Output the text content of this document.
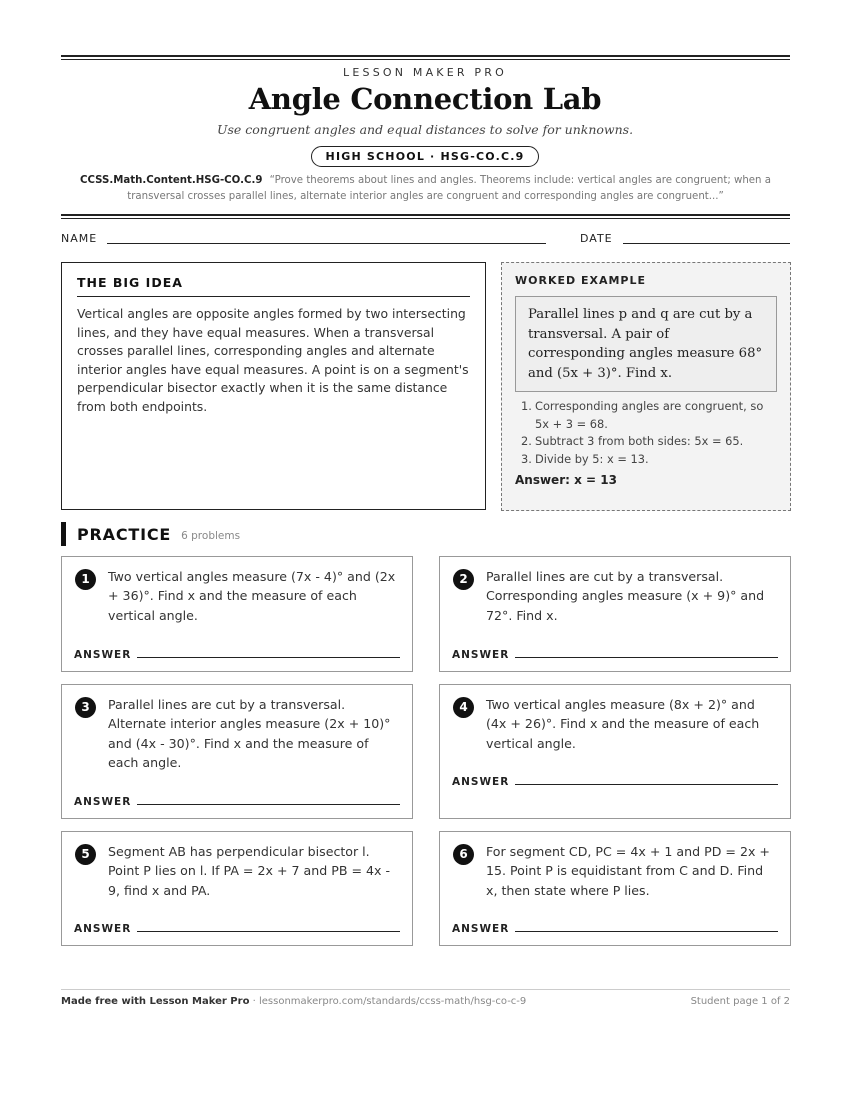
LESSON MAKER PRO
Angle Connection Lab
Use congruent angles and equal distances to solve for unknowns.
HIGH SCHOOL · HSG-CO.C.9
CCSS.Math.Content.HSG-CO.C.9 “Prove theorems about lines and angles. Theorems include: vertical angles are congruent; when a transversal crosses parallel lines, alternate interior angles are congruent and corresponding angles are congruent...”
NAME	DATE
THE BIG IDEA

Vertical angles are opposite angles formed by two intersecting lines, and they have equal measures. When a transversal crosses parallel lines, corresponding angles and alternate interior angles have equal measures. A point is on a segment's perpendicular bisector exactly when it is the same distance from both endpoints.

WORKED EXAMPLE
Parallel lines p and q are cut by a transversal. A pair of corresponding angles measure 68° and (5x + 3)°. Find x.
1. Corresponding angles are congruent, so 5x + 3 = 68.
2. Subtract 3 from both sides: 5x = 65.
3. Divide by 5: x = 13.
Answer: x = 13
PRACTICE 6 problems
1	Two vertical angles measure (7x - 4)° and (2x + 36)°. Find x and the measure of each vertical angle.
ANSWER
2	Parallel lines are cut by a transversal. Corresponding angles measure (x + 9)° and 72°. Find x.
ANSWER
3	Parallel lines are cut by a transversal. Alternate interior angles measure (2x + 10)° and (4x - 30)°. Find x and the measure of each angle.
ANSWER
4	Two vertical angles measure (8x + 2)° and (4x + 26)°. Find x and the measure of each vertical angle.
ANSWER
5	Segment AB has perpendicular bisector l. Point P lies on l. If PA = 2x + 7 and PB = 4x - 9, find x and PA.
ANSWER
6	For segment CD, PC = 4x + 1 and PD = 2x + 15. Point P is equidistant from C and D. Find x, then state where P lies.
ANSWER
Made free with Lesson Maker Pro · lessonmakerpro.com/standards/ccss-math/hsg-co-c-9	Student page 1 of 2
